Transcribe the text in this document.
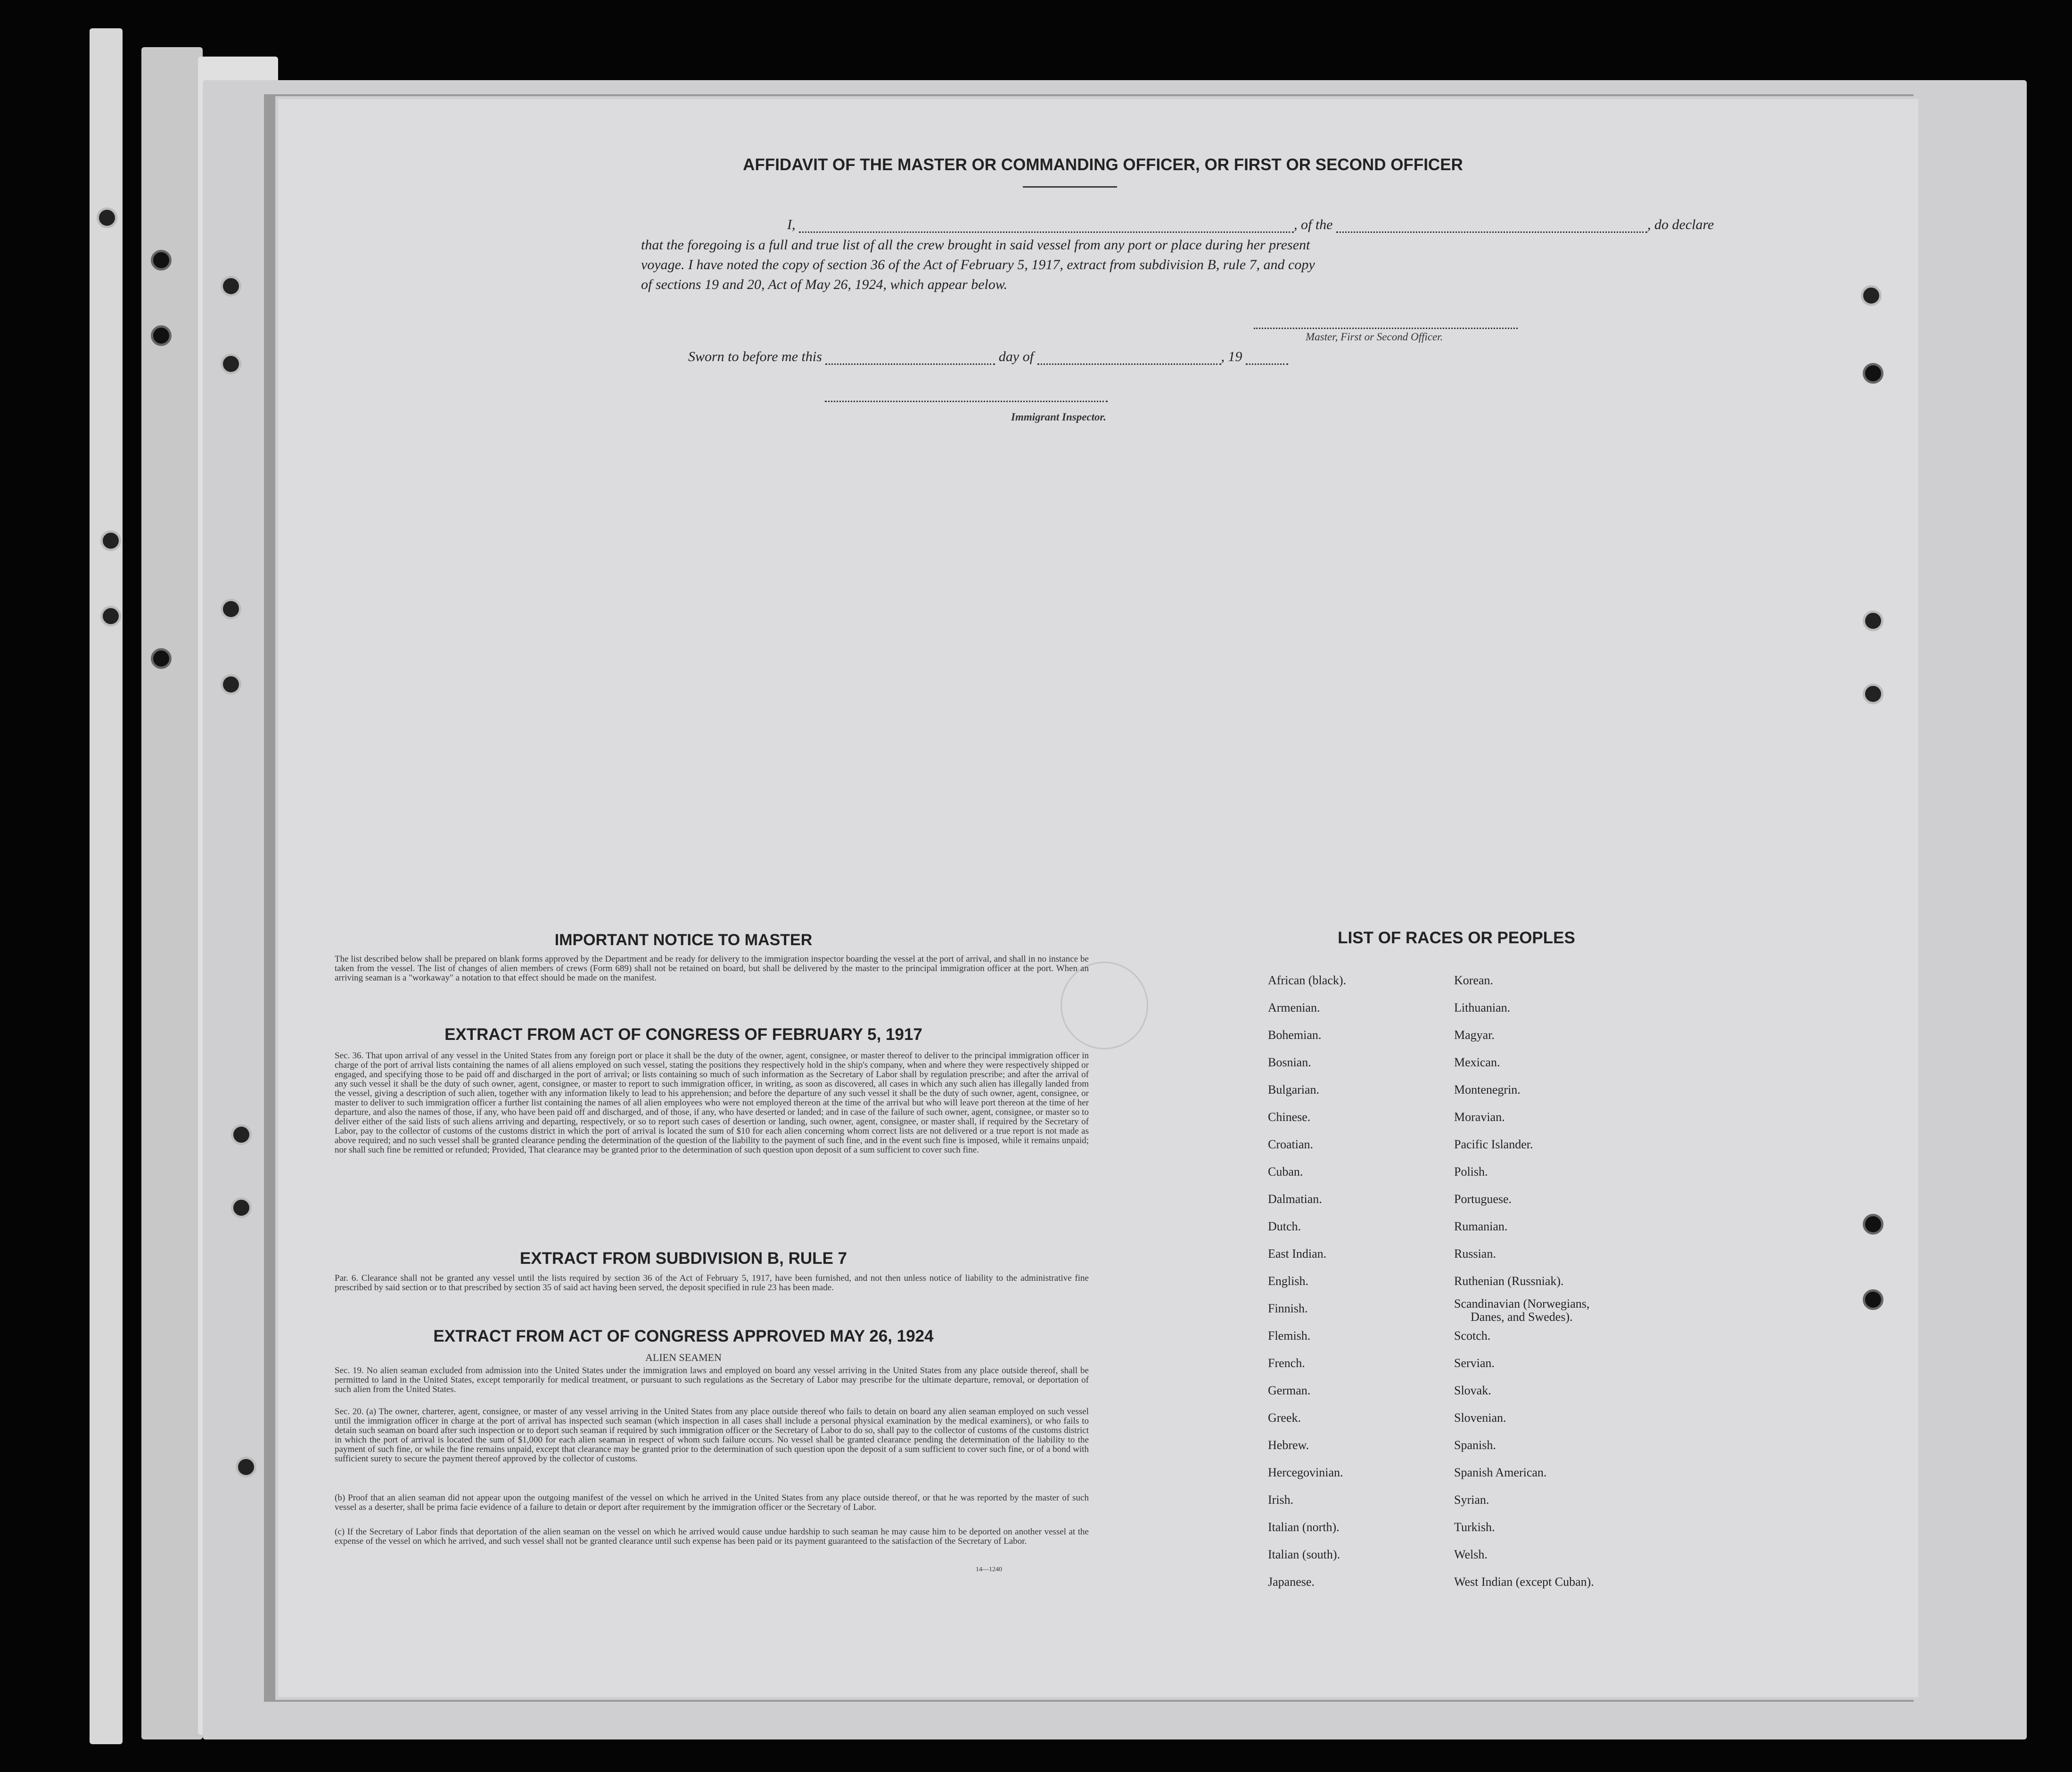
AFFIDAVIT OF THE MASTER OR COMMANDING OFFICER, OR FIRST OR SECOND OFFICER
I,	, of the	, do declare
that the foregoing is a full and true list of all the crew brought in said vessel from any port or place during her present
voyage. I have noted the copy of section 36 of the Act of February 5, 1917, extract from subdivision B, rule 7, and copy
of sections 19 and 20, Act of May 26, 1924, which appear below.
Master, First or Second Officer.
Sworn to before me this	day of	, 19
Immigrant Inspector.
IMPORTANT NOTICE TO MASTER
The list described below shall be prepared on blank forms approved by the Department and be ready for delivery to the immigration inspector boarding the vessel at the port of arrival, and shall in no instance be taken from the vessel. The list of changes of alien members of crews (Form 689) shall not be retained on board, but shall be delivered by the master to the principal immigration officer at the port. When an arriving seaman is a "workaway" a notation to that effect should be made on the manifest.
EXTRACT FROM ACT OF CONGRESS OF FEBRUARY 5, 1917
Sec. 36. That upon arrival of any vessel in the United States from any foreign port or place it shall be the duty of the owner, agent, consignee, or master thereof to deliver to the principal immigration officer in charge of the port of arrival lists containing the names of all aliens employed on such vessel, stating the positions they respectively hold in the ship's company, when and where they were respectively shipped or engaged, and specifying those to be paid off and discharged in the port of arrival; or lists containing so much of such information as the Secretary of Labor shall by regulation prescribe; and after the arrival of any such vessel it shall be the duty of such owner, agent, consignee, or master to report to such immigration officer, in writing, as soon as discovered, all cases in which any such alien has illegally landed from the vessel, giving a description of such alien, together with any information likely to lead to his apprehension; and before the departure of any such vessel it shall be the duty of such owner, agent, consignee, or master to deliver to such immigration officer a further list containing the names of all alien employees who were not employed thereon at the time of the arrival but who will leave port thereon at the time of her departure, and also the names of those, if any, who have been paid off and discharged, and of those, if any, who have deserted or landed; and in case of the failure of such owner, agent, consignee, or master so to deliver either of the said lists of such aliens arriving and departing, respectively, or so to report such cases of desertion or landing, such owner, agent, consignee, or master shall, if required by the Secretary of Labor, pay to the collector of customs of the customs district in which the port of arrival is located the sum of $10 for each alien concerning whom correct lists are not delivered or a true report is not made as above required; and no such vessel shall be granted clearance pending the determination of the question of the liability to the payment of such fine, and in the event such fine is imposed, while it remains unpaid; nor shall such fine be remitted or refunded; Provided, That clearance may be granted prior to the determination of such question upon deposit of a sum sufficient to cover such fine.
EXTRACT FROM SUBDIVISION B, RULE 7
Par. 6. Clearance shall not be granted any vessel until the lists required by section 36 of the Act of February 5, 1917, have been furnished, and not then unless notice of liability to the administrative fine prescribed by said section or to that prescribed by section 35 of said act having been served, the deposit specified in rule 23 has been made.
EXTRACT FROM ACT OF CONGRESS APPROVED MAY 26, 1924
ALIEN SEAMEN
Sec. 19. No alien seaman excluded from admission into the United States under the immigration laws and employed on board any vessel arriving in the United States from any place outside thereof, shall be permitted to land in the United States, except temporarily for medical treatment, or pursuant to such regulations as the Secretary of Labor may prescribe for the ultimate departure, removal, or deportation of such alien from the United States.
Sec. 20. (a) The owner, charterer, agent, consignee, or master of any vessel arriving in the United States from any place outside thereof who fails to detain on board any alien seaman employed on such vessel until the immigration officer in charge at the port of arrival has inspected such seaman (which inspection in all cases shall include a personal physical examination by the medical examiners), or who fails to detain such seaman on board after such inspection or to deport such seaman if required by such immigration officer or the Secretary of Labor to do so, shall pay to the collector of customs of the customs district in which the port of arrival is located the sum of $1,000 for each alien seaman in respect of whom such failure occurs. No vessel shall be granted clearance pending the determination of the liability to the payment of such fine, or while the fine remains unpaid, except that clearance may be granted prior to the determination of such question upon the deposit of a sum sufficient to cover such fine, or of a bond with sufficient surety to secure the payment thereof approved by the collector of customs.
(b) Proof that an alien seaman did not appear upon the outgoing manifest of the vessel on which he arrived in the United States from any place outside thereof, or that he was reported by the master of such vessel as a deserter, shall be prima facie evidence of a failure to detain or deport after requirement by the immigration officer or the Secretary of Labor.
(c) If the Secretary of Labor finds that deportation of the alien seaman on the vessel on which he arrived would cause undue hardship to such seaman he may cause him to be deported on another vessel at the expense of the vessel on which he arrived, and such vessel shall not be granted clearance until such expense has been paid or its payment guaranteed to the satisfaction of the Secretary of Labor.
14—1240
LIST OF RACES OR PEOPLES
African (black).
Armenian.
Bohemian.
Bosnian.
Bulgarian.
Chinese.
Croatian.
Cuban.
Dalmatian.
Dutch.
East Indian.
English.
Finnish.
Flemish.
French.
German.
Greek.
Hebrew.
Hercegovinian.
Irish.
Italian (north).
Italian (south).
Japanese.
Korean.
Lithuanian.
Magyar.
Mexican.
Montenegrin.
Moravian.
Pacific Islander.
Polish.
Portuguese.
Rumanian.
Russian.
Ruthenian (Russniak).
Scandinavian (Norwegians,
Danes, and Swedes).
Scotch.
Servian.
Slovak.
Slovenian.
Spanish.
Spanish American.
Syrian.
Turkish.
Welsh.
West Indian (except Cuban).
